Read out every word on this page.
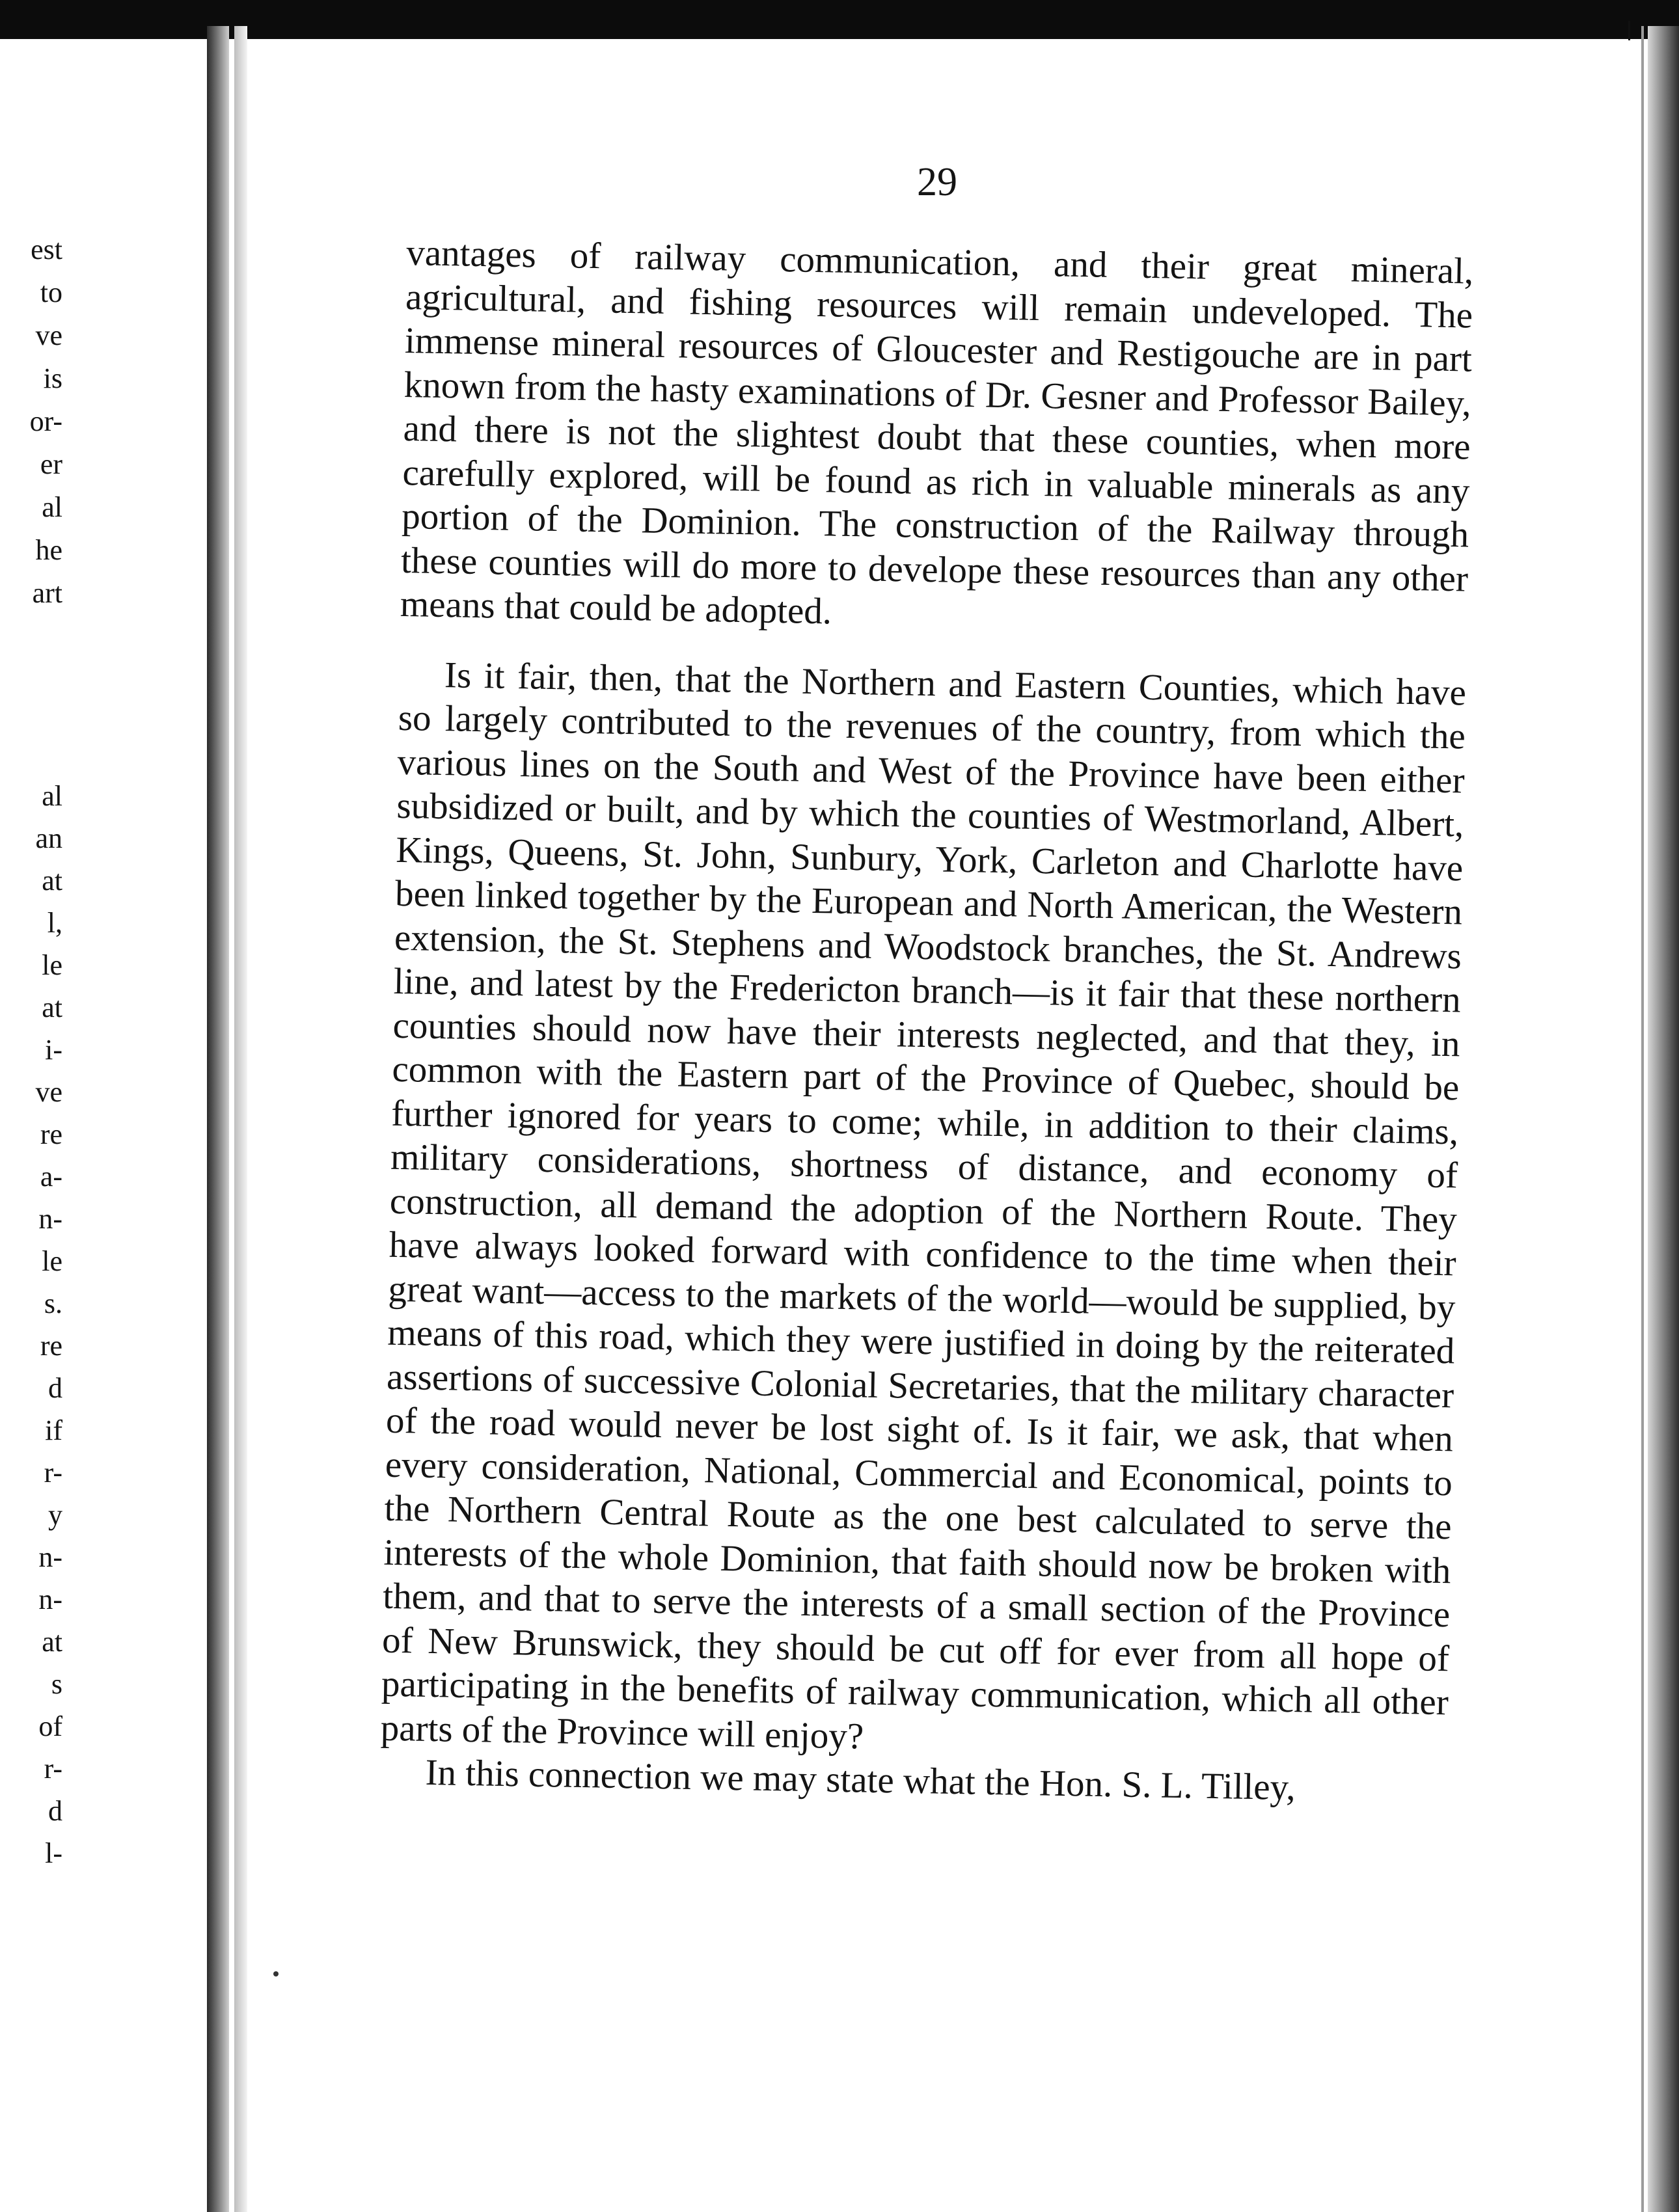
est
to
ve
is
or-
er
al
he
art
al
an
at
l,
le
at
i-
ve
re
a-
n-
le
s.
re
d
if
r-
y
n-
n-
at
s
of
r-
d
l-
29

vantages of railway communication, and their great mineral, agricultural, and fishing resources will remain undeveloped. The immense mineral resources of Gloucester and Restigouche are in part known from the hasty examinations of Dr. Gesner and Professor Bailey, and there is not the slightest doubt that these counties, when more carefully explored, will be found as rich in valuable minerals as any portion of the Dominion. The construction of the Railway through these counties will do more to develope these resources than any other means that could be adopted.

Is it fair, then, that the Northern and Eastern Counties, which have so largely contributed to the revenues of the country, from which the various lines on the South and West of the Province have been either subsidized or built, and by which the counties of Westmorland, Albert, Kings, Queens, St. John, Sunbury, York, Carleton and Charlotte have been linked together by the European and North American, the Western extension, the St. Stephens and Woodstock branches, the St. Andrews line, and latest by the Fredericton branch—is it fair that these northern counties should now have their interests neglected, and that they, in common with the Eastern part of the Province of Quebec, should be further ignored for years to come; while, in addition to their claims, military considerations, shortness of distance, and economy of construction, all demand the adoption of the Northern Route. They have always looked forward with confidence to the time when their great want—access to the markets of the world—would be supplied, by means of this road, which they were justified in doing by the reiterated assertions of successive Colonial Secretaries, that the military character of the road would never be lost sight of. Is it fair, we ask, that when every consideration, National, Commercial and Economical, points to the Northern Central Route as the one best calculated to serve the interests of the whole Dominion, that faith should now be broken with them, and that to serve the interests of a small section of the Province of New Brunswick, they should be cut off for ever from all hope of participating in the benefits of railway communication, which all other parts of the Province will enjoy?

In this connection we may state what the Hon. S. L. Tilley,
